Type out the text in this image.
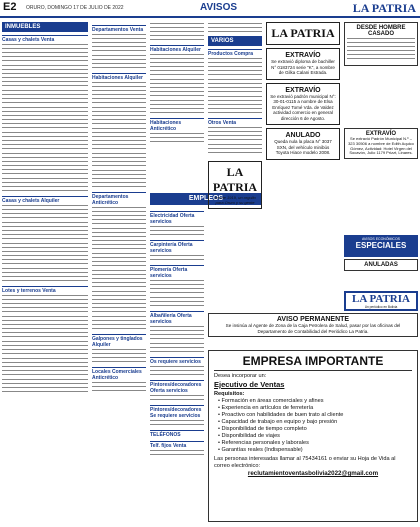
E2 ORURO, DOMINGO 17 DE JULIO DE 2022	AVISOS	LA PATRIA
INMUEBLES
Casas y chalets Venta
Casas y chalets Alquiler
Lotes y terrenos Venta
Departamentos Venta
Habitaciones Alquiler
Departamentos Anticrético
Galpones y tinglados Alquiler
Locales Comerciales Anticrético
Habitaciones Alquiler
Habitaciones Anticrético
EMPLEOS
Electricidad Oferta servicios
Carpintería Oferta servicios
Plomería Oferta servicios
Albañilería Oferta servicios
Os requiere servicios
Pintores/decoradores Oferta servicios
Pintores/decoradores Se requiere servicios
TELÉFONOS
Telf. fijos Venta
VARIOS
Productos Compra
Otros Venta
LA PATRIA
Desde 1919, un orgullo para Oruro y su gente
LA PATRIA
EXTRAVÍO
Se extravió diploma de bachiller N° 0183724 serie "K", a nombre de Gilka Calani Estrada.
EXTRAVÍO
Se extravió padrón municipal N°: 30-01-0115 a nombre de Elsa Enríquez Tomé Vda. de Valdez actividad comercio en general dirección 6 de Agosto.
ANULADO
Queda nula la placa N° 3037 SXN, del vehículo minibús Toyota Hiace modelo 2008.
DESDE HOMBRE CASADO
EXTRAVÍO
Se extravió Padrón Municipal N.º – 323 30506 a nombre de Edith Aquico Gómez, Actividad: Hotel Virgen del Socavón, Julio 1179 Prizzt, Linares.
AVISOS ECONÓMICOS
ESPECIALES
ANULADAS
LA PATRIA
Un periódico en Bolivia
AVISO PERMANENTE
Se insinúa al Agente de Zona de la Caja Petrolera de Salud, pasar por las oficinas del Departamento de Contabilidad del Periódico La Patria.
EMPRESA IMPORTANTE
Desea incorporar un:
Ejecutivo de Ventas
Requisitos:
• Formación en áreas comerciales y afines
• Experiencia en artículos de ferretería
• Proactivo con habilidades de buen trato al cliente
• Capacidad de trabajo en equipo y bajo presión
• Disponibilidad de tiempo completo
• Disponibilidad de viajes
• Referencias personales y laborales
• Garantías reales (Indispensable)
Las personas interesadas llamar al 75434161 o enviar su Hoja de Vida al correo electrónico:
reclutamientoventasbolivia2022@gmail.com
